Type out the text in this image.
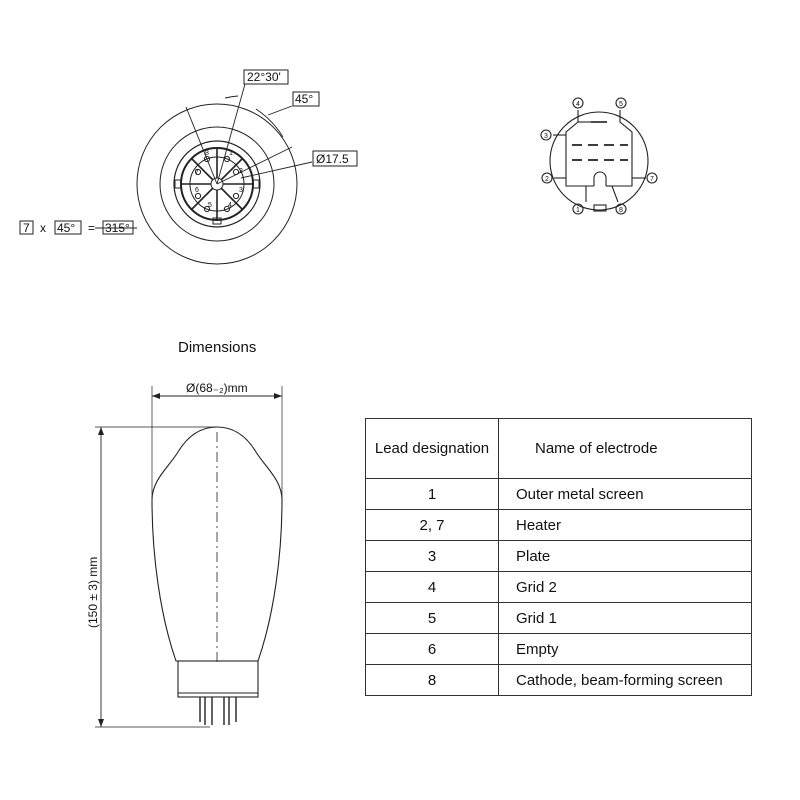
1
2
3
4
5
6
7
8
22°30'
45°
Ø17.5
7 x 45° = 315°
4	5
3
2	7
1	8
Ø(68₋₂)mm
(150 ± 3) mm
Dimensions
Lead designation	Name of electrode
1	Outer metal screen
2, 7	Heater
3	Plate
4	Grid 2
5	Grid 1
6	Empty
8	Cathode, beam-forming screen
